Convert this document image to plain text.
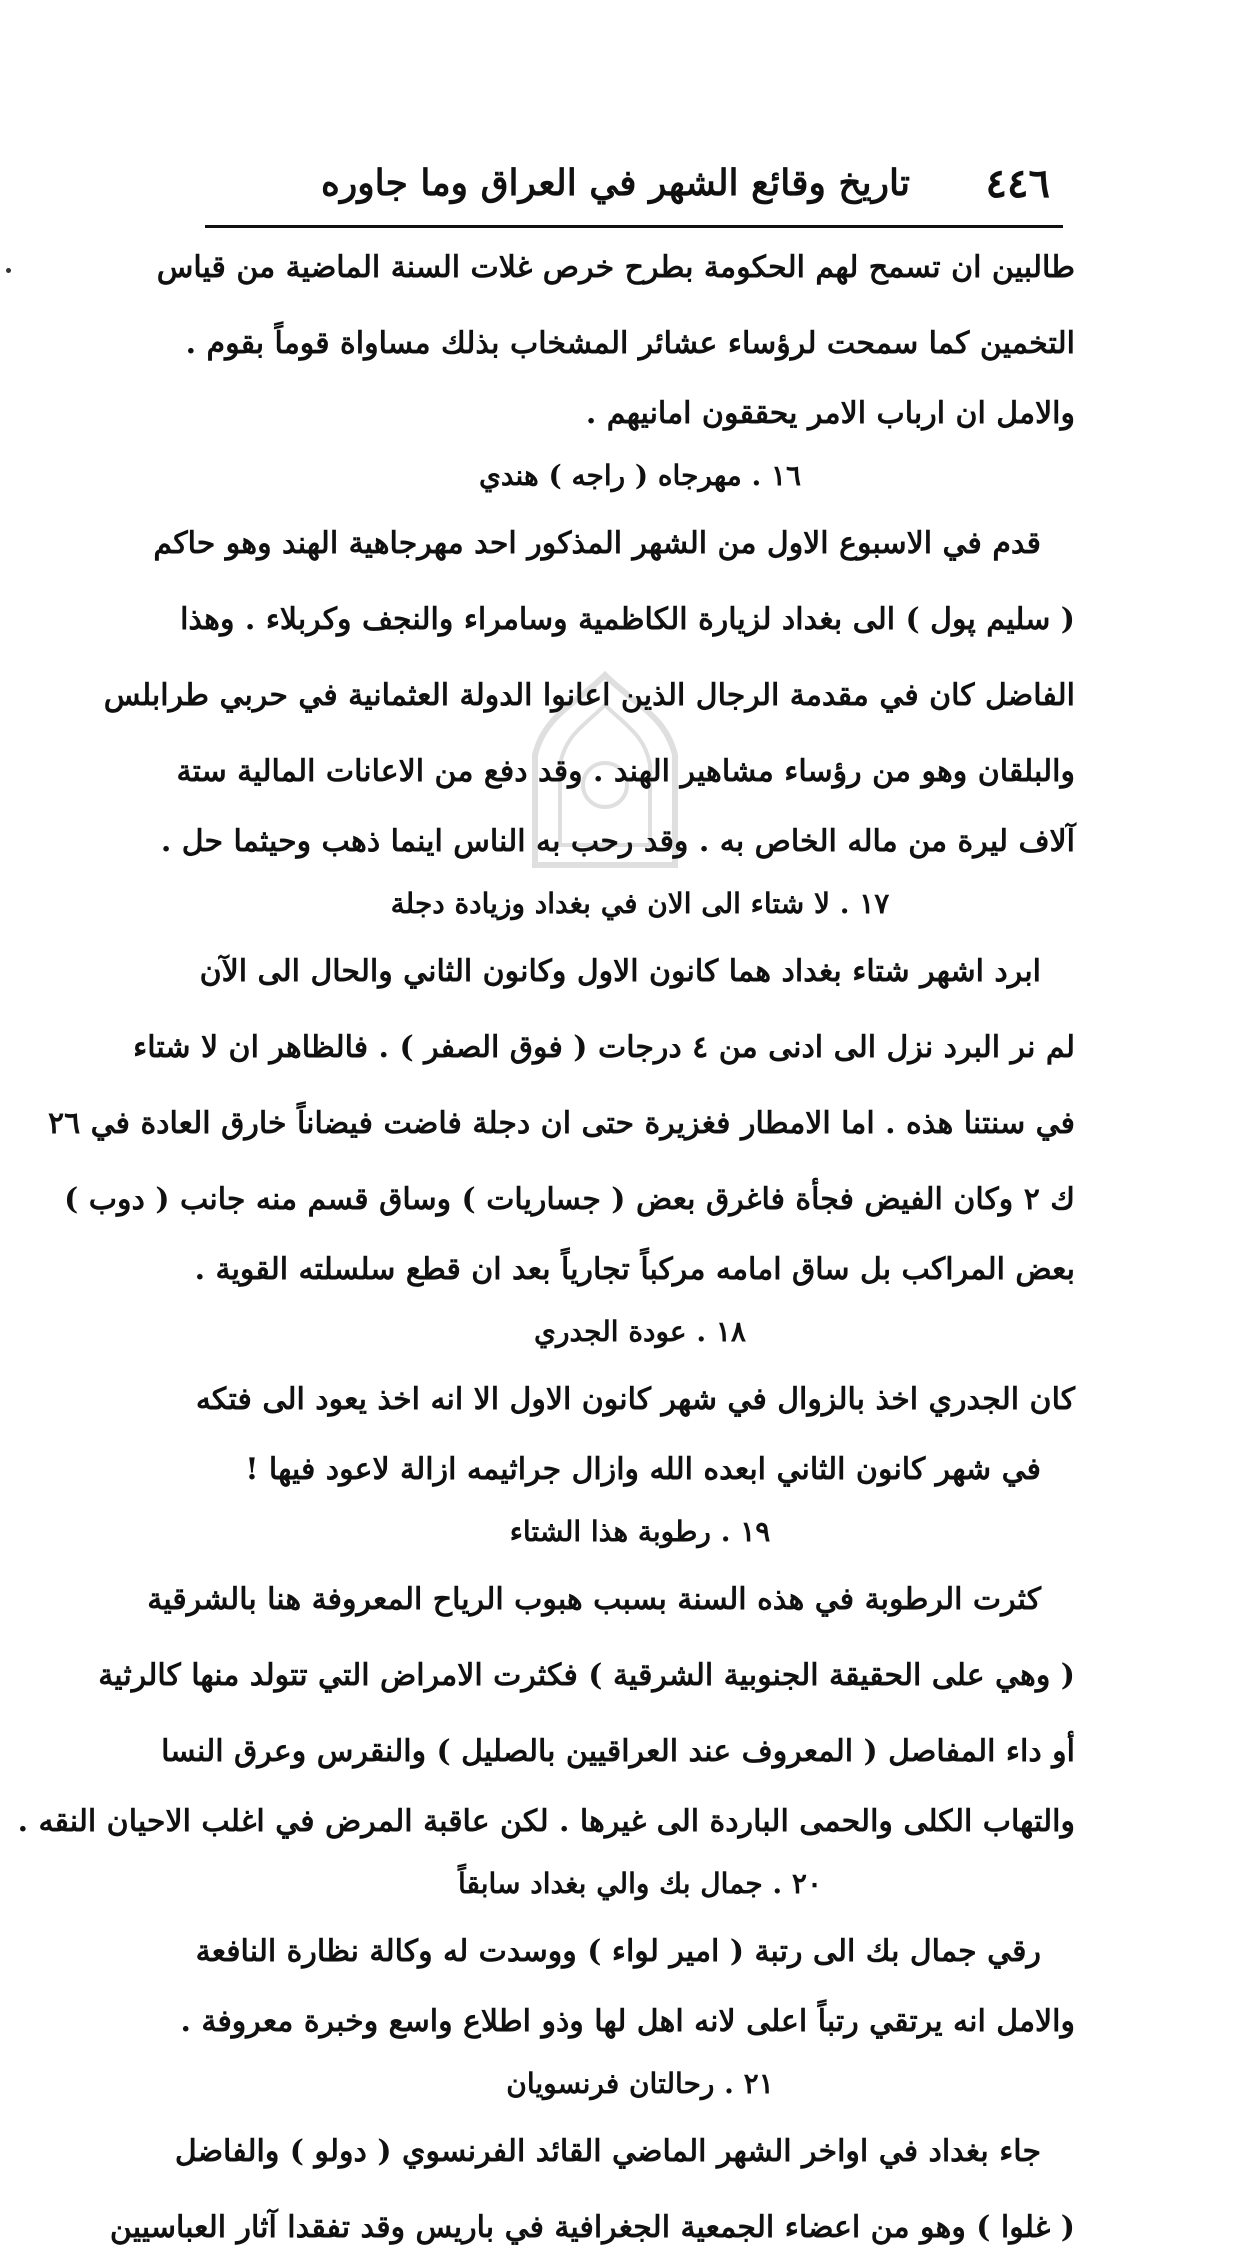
٤٤٦
تاريخ وقائع الشهر في العراق وما جاوره
طالبين ان تسمح لهم الحكومة بطرح خرص غلات السنة الماضية من قياس
التخمين كما سمحت لرؤساء عشائر المشخاب بذلك مساواة قوماً بقوم .
والامل ان ارباب الامر يحققون امانيهم .
١٦ . مهرجاه ( راجه ) هندي
قدم في الاسبوع الاول من الشهر المذكور احد مهرجاهية الهند وهو حاكم
( سليم پول ) الى بغداد لزيارة الكاظمية وسامراء والنجف وكربلاء . وهذا
الفاضل كان في مقدمة الرجال الذين اعانوا الدولة العثمانية في حربي طرابلس
والبلقان وهو من رؤساء مشاهير الهند . وقد دفع من الاعانات المالية ستة
آلاف ليرة من ماله الخاص به . وقد رحب به الناس اينما ذهب وحيثما حل .
١٧ . لا شتاء الى الان في بغداد وزيادة دجلة
ابرد اشهر شتاء بغداد هما كانون الاول وكانون الثاني والحال الى الآن
لم نر البرد نزل الى ادنى من ٤ درجات ( فوق الصفر ) . فالظاهر ان لا شتاء
في سنتنا هذه . اما الامطار فغزيرة حتى ان دجلة فاضت فيضاناً خارق العادة في ٢٦
ك ٢ وكان الفيض فجأة فاغرق بعض ( جساريات ) وساق قسم منه جانب ( دوب )
بعض المراكب بل ساق امامه مركباً تجارياً بعد ان قطع سلسلته القوية .
١٨ . عودة الجدري
كان الجدري اخذ بالزوال في شهر كانون الاول الا انه اخذ يعود الى فتكه
في شهر كانون الثاني ابعده الله وازال جراثيمه ازالة لاعود فيها !
١٩ . رطوبة هذا الشتاء
كثرت الرطوبة في هذه السنة بسبب هبوب الرياح المعروفة هنا بالشرقية
( وهي على الحقيقة الجنوبية الشرقية ) فكثرت الامراض التي تتولد منها كالرثية
أو داء المفاصل ( المعروف عند العراقيين بالصليل ) والنقرس وعرق النسا
والتهاب الكلى والحمى الباردة الى غيرها . لكن عاقبة المرض في اغلب الاحيان النقه .
٢٠ . جمال بك والي بغداد سابقاً
رقي جمال بك الى رتبة ( امير لواء ) ووسدت له وكالة نظارة النافعة
والامل انه يرتقي رتباً اعلى لانه اهل لها وذو اطلاع واسع وخبرة معروفة .
٢١ . رحالتان فرنسويان
جاء بغداد في اواخر الشهر الماضي القائد الفرنسوي ( دولو ) والفاضل
( غلوا ) وهو من اعضاء الجمعية الجغرافية في باريس وقد تفقدا آثار العباسيين
